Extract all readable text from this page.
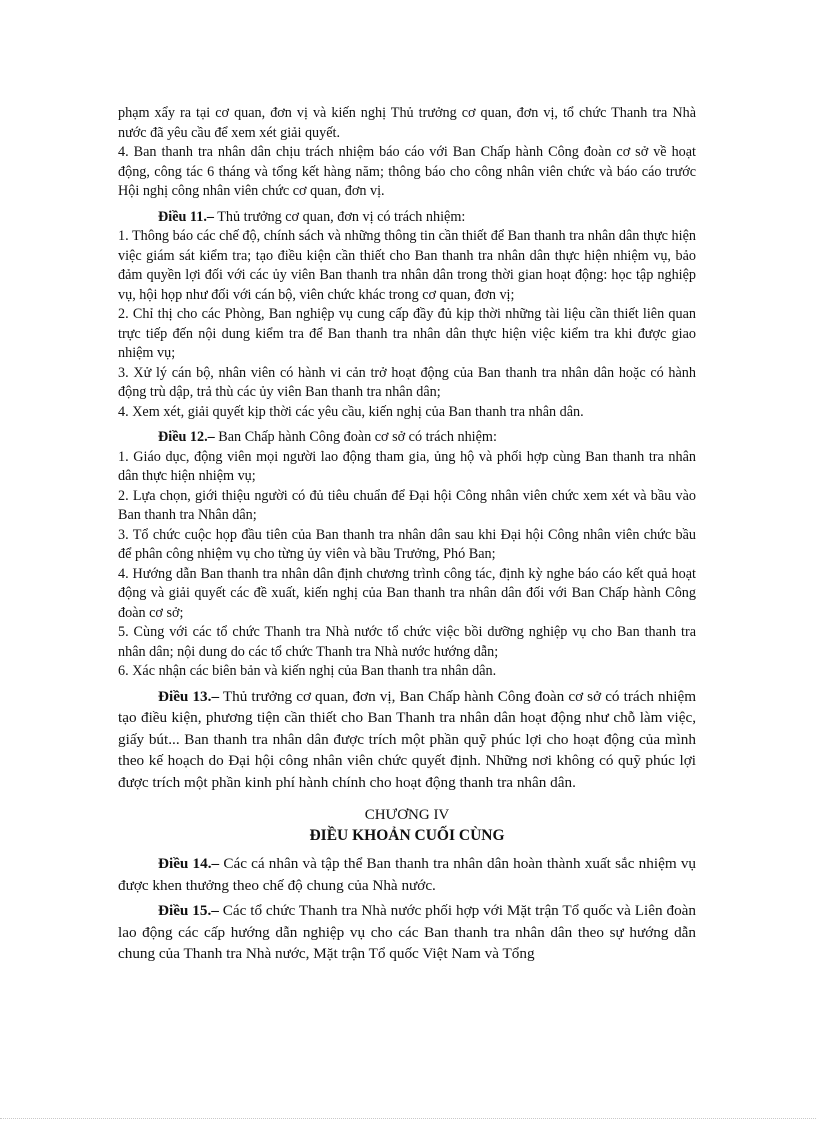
phạm xẩy ra tại cơ quan, đơn vị và kiến nghị Thủ trưởng cơ quan, đơn vị, tổ chức Thanh tra Nhà nước đã yêu cầu để xem xét giải quyết.

4. Ban thanh tra nhân dân chịu trách nhiệm báo cáo với Ban Chấp hành Công đoàn cơ sở về hoạt động, công tác 6 tháng và tổng kết hàng năm; thông báo cho công nhân viên chức và báo cáo trước Hội nghị công nhân viên chức cơ quan, đơn vị.

Điều 11.– Thủ trưởng cơ quan, đơn vị có trách nhiệm:

1. Thông báo các chế độ, chính sách và những thông tin cần thiết để Ban thanh tra nhân dân thực hiện việc giám sát kiểm tra; tạo điều kiện cần thiết cho Ban thanh tra nhân dân thực hiện nhiệm vụ, bảo đảm quyền lợi đối với các ủy viên Ban thanh tra nhân dân trong thời gian hoạt động: học tập nghiệp vụ, hội họp như đối với cán bộ, viên chức khác trong cơ quan, đơn vị;

2. Chỉ thị cho các Phòng, Ban nghiệp vụ cung cấp đầy đủ kịp thời những tài liệu cần thiết liên quan trực tiếp đến nội dung kiểm tra để Ban thanh tra nhân dân thực hiện việc kiểm tra khi được giao nhiệm vụ;

3. Xử lý cán bộ, nhân viên có hành vi cản trở hoạt động của Ban thanh tra nhân dân hoặc có hành động trù dập, trả thù các ủy viên Ban thanh tra nhân dân;

4. Xem xét, giải quyết kịp thời các yêu cầu, kiến nghị của Ban thanh tra nhân dân.

Điều 12.– Ban Chấp hành Công đoàn cơ sở có trách nhiệm:

1. Giáo dục, động viên mọi người lao động tham gia, ủng hộ và phối hợp cùng Ban thanh tra nhân dân thực hiện nhiệm vụ;

2. Lựa chọn, giới thiệu người có đủ tiêu chuẩn để Đại hội Công nhân viên chức xem xét và bầu vào Ban thanh tra Nhân dân;

3. Tổ chức cuộc họp đầu tiên của Ban thanh tra nhân dân sau khi Đại hội Công nhân viên chức bầu để phân công nhiệm vụ cho từng ủy viên và bầu Trưởng, Phó Ban;

4. Hướng dẫn Ban thanh tra nhân dân định chương trình công tác, định kỳ nghe báo cáo kết quả hoạt động và giải quyết các đề xuất, kiến nghị của Ban thanh tra nhân dân đối với Ban Chấp hành Công đoàn cơ sở;

5. Cùng với các tổ chức Thanh tra Nhà nước tổ chức việc bồi dưỡng nghiệp vụ cho Ban thanh tra nhân dân; nội dung do các tổ chức Thanh tra Nhà nước hướng dẫn;

6. Xác nhận các biên bản và kiến nghị của Ban thanh tra nhân dân.

Điều 13.– Thủ trưởng cơ quan, đơn vị, Ban Chấp hành Công đoàn cơ sở có trách nhiệm tạo điều kiện, phương tiện cần thiết cho Ban Thanh tra nhân dân hoạt động như chỗ làm việc, giấy bút... Ban thanh tra nhân dân được trích một phần quỹ phúc lợi cho hoạt động của mình theo kế hoạch do Đại hội công nhân viên chức quyết định. Những nơi không có quỹ phúc lợi được trích một phần kinh phí hành chính cho hoạt động thanh tra nhân dân.

CHƯƠNG IV
ĐIỀU KHOẢN CUỐI CÙNG

Điều 14.– Các cá nhân và tập thể Ban thanh tra nhân dân hoàn thành xuất sắc nhiệm vụ được khen thưởng theo chế độ chung của Nhà nước.

Điều 15.– Các tổ chức Thanh tra Nhà nước phối hợp với Mặt trận Tổ quốc và Liên đoàn lao động các cấp hướng dẫn nghiệp vụ cho các Ban thanh tra nhân dân theo sự hướng dẫn chung của Thanh tra Nhà nước, Mặt trận Tổ quốc Việt Nam và Tổng
